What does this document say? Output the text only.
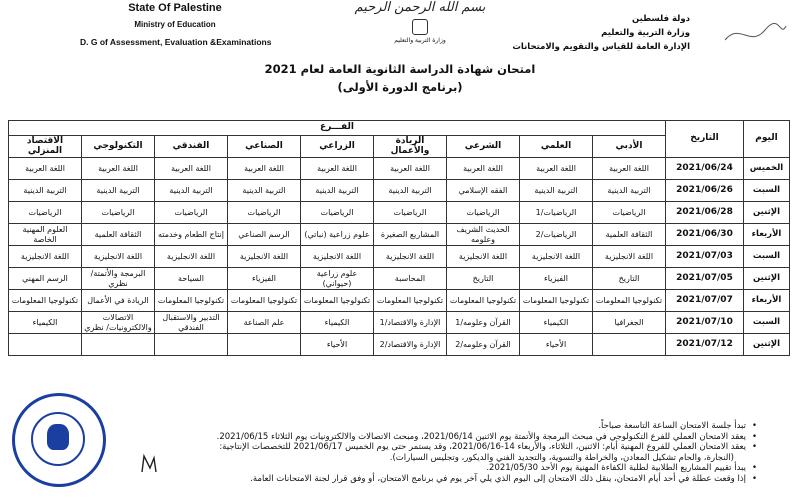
State Of Palestine
Ministry of Education
D. G of Assessment, Evaluation &Examinations
بسم الله الرحمن الرحيم
وزارة التربية والتعليم
دولة فلسطين
وزارة التربية والتعليم
الإدارة العامة للقياس والتقويم والامتحانات
امتحان شهادة الدراسة الثانوية العامة لعام 2021
(برنامج الدورة الأولى)
اليوم	التاريخ	الفـــرع								
		الأدبي	العلمي	الشرعي	الريادة والأعمال	الزراعي	الصناعي	الفندقي	التكنولوجي	الاقتصاد المنزلي
الخميس	2021/06/24	اللغة العربية	اللغة العربية	اللغة العربية	اللغة العربية	اللغة العربية	اللغة العربية	اللغة العربية	اللغة العربية	اللغة العربية
السبت	2021/06/26	التربية الدينية	التربية الدينية	الفقه الإسلامي	التربية الدينية	التربية الدينية	التربية الدينية	التربية الدينية	التربية الدينية	التربية الدينية
الإثنين	2021/06/28	الرياضيات	الرياضيات/1	الرياضيات	الرياضيات	الرياضيات	الرياضيات	الرياضيات	الرياضيات	الرياضيات
الأربعاء	2021/06/30	الثقافة العلمية	الرياضيات/2	الحديث الشريف وعلومه	المشاريع الصغيرة	علوم زراعية (نباتي)	الرسم الصناعي	إنتاج الطعام وخدمته	الثقافة العلمية	العلوم المهنية الخاصة
السبت	2021/07/03	اللغة الانجليزية	اللغة الانجليزية	اللغة الانجليزية	اللغة الانجليزية	اللغة الانجليزية	اللغة الانجليزية	اللغة الانجليزية	اللغة الانجليزية	اللغة الانجليزية
الإثنين	2021/07/05	التاريخ	الفيزياء	التاريخ	المحاسبة	علوم زراعية (حيواني)	الفيزياء	السياحة	البرمجة والأتمتة/ نظري	الرسم المهني
الأربعاء	2021/07/07	تكنولوجيا المعلومات	تكنولوجيا المعلومات	تكنولوجيا المعلومات	تكنولوجيا المعلومات	تكنولوجيا المعلومات	تكنولوجيا المعلومات	تكنولوجيا المعلومات	الريادة في الأعمال	تكنولوجيا المعلومات
السبت	2021/07/10	الجغرافيا	الكيمياء	القرآن وعلومه/1	الإدارة والاقتصاد/1	الكيمياء	علم الصناعة	التدبير والاستقبال الفندقي	الاتصالات والالكترونيات/ نظري	الكيمياء
الإثنين	2021/07/12		الأحياء	القرآن وعلومه/2	الإدارة والاقتصاد/2	الأحياء				
• تبدأ جلسة الامتحان الساعة التاسعة صباحاً.
• يعقد الامتحان العملي للفرع التكنولوجي في مبحث البرمجة والأتمتة يوم الاثنين 2021/06/14، ومبحث الاتصالات والالكترونيات يوم الثلاثاء 2021/06/15.
• يعقد الامتحان العملي للفروع المهنية أيام: الاثنين، الثلاثاء، والأربعاء 14-2021/06/16، وقد يستمر حتى يوم الخميس 2021/06/17 للتخصصات الإنتاجية:
(النجارة، والحام تشكيل المعادن، والخراطة والتسوية، والتجديد الفني والديكور، وتجليس السيارات).
• يبدأ تقييم المشاريع الطلابية لطلبة الكفاءة المهنية يوم الأحد 2021/05/30.
• إذا وقعت عطلة في أحد أيام الامتحان، ينقل ذلك الامتحان إلى اليوم الذي يلي آخر يوم في برنامج الامتحان، أو وفق قرار لجنة الامتحانات العامة.
